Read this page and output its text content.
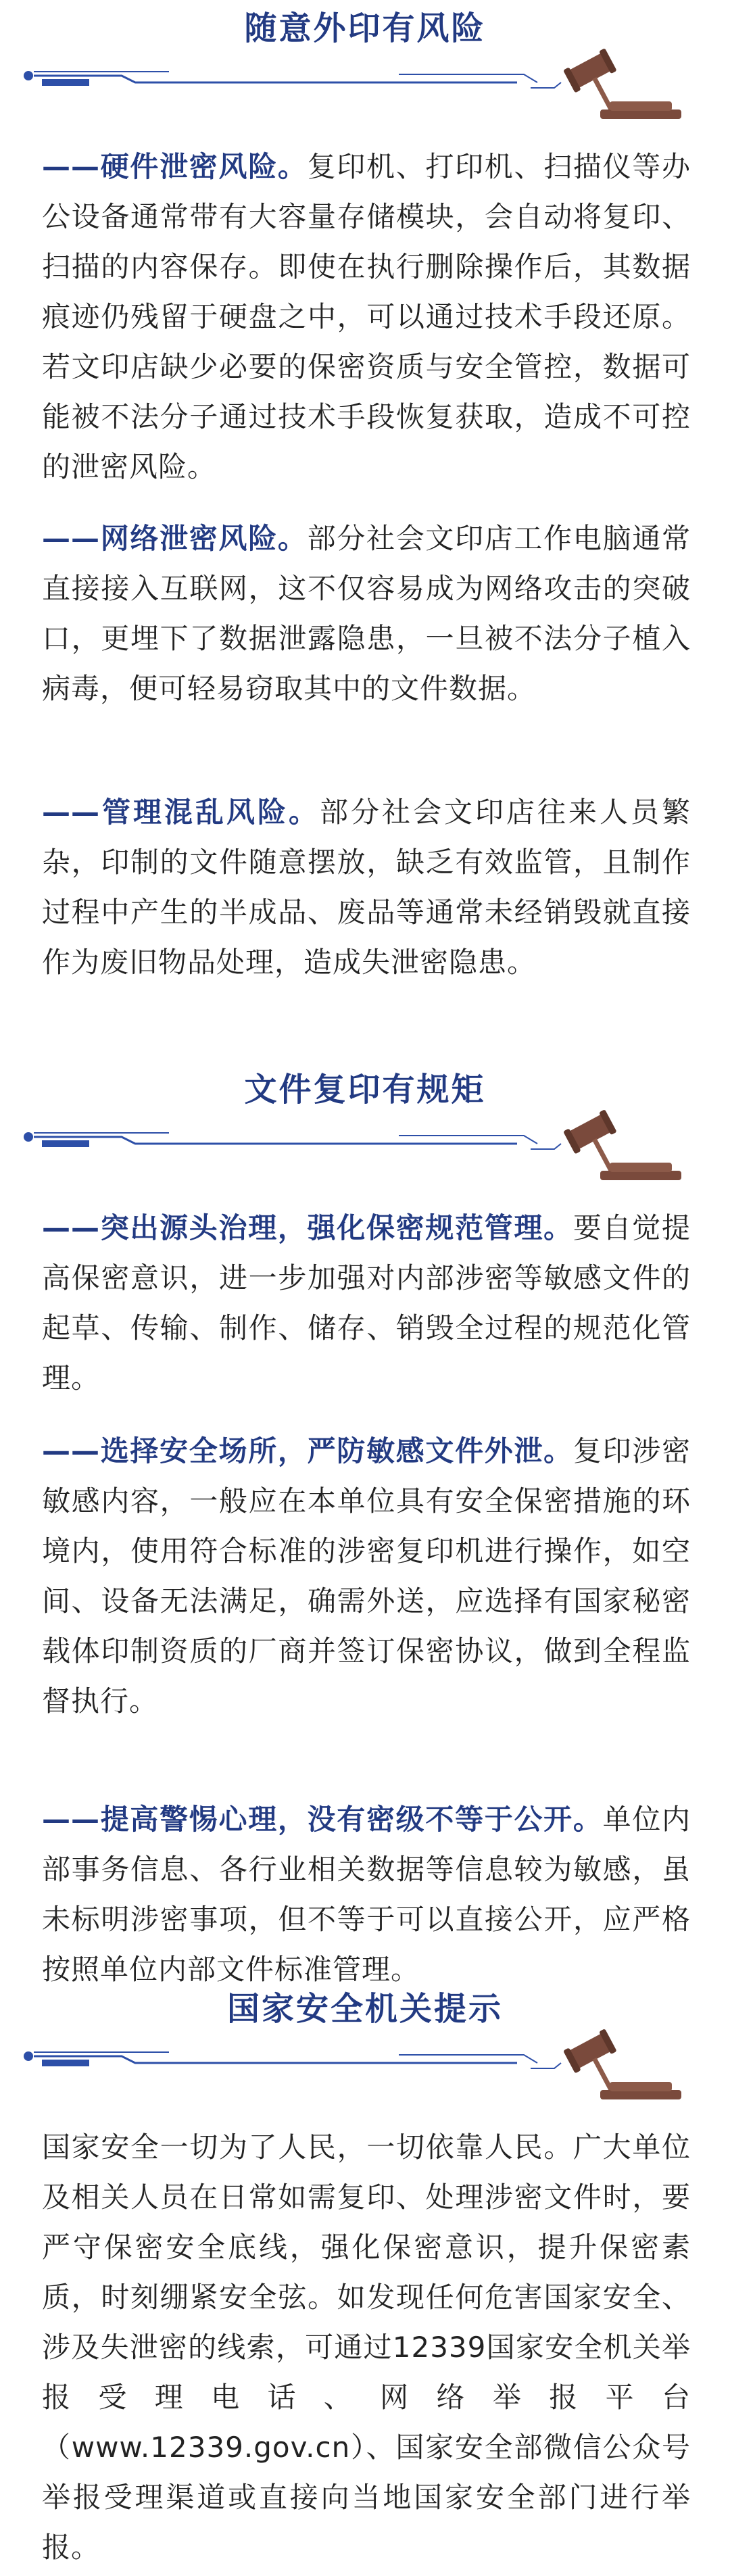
随意外印有风险

——硬件泄密风险。复印机、打印机、扫描仪等办公设备通常带有大容量存储模块，会自动将复印、扫描的内容保存。即使在执行删除操作后，其数据痕迹仍残留于硬盘之中，可以通过技术手段还原。若文印店缺少必要的保密资质与安全管控，数据可能被不法分子通过技术手段恢复获取，造成不可控的泄密风险。

——网络泄密风险。部分社会文印店工作电脑通常直接接入互联网，这不仅容易成为网络攻击的突破口，更埋下了数据泄露隐患，一旦被不法分子植入病毒，便可轻易窃取其中的文件数据。

——管理混乱风险。部分社会文印店往来人员繁杂，印制的文件随意摆放，缺乏有效监管，且制作过程中产生的半成品、废品等通常未经销毁就直接作为废旧物品处理，造成失泄密隐患。

文件复印有规矩

——突出源头治理，强化保密规范管理。要自觉提高保密意识，进一步加强对内部涉密等敏感文件的起草、传输、制作、储存、销毁全过程的规范化管理。

——选择安全场所，严防敏感文件外泄。复印涉密敏感内容，一般应在本单位具有安全保密措施的环境内，使用符合标准的涉密复印机进行操作，如空间、设备无法满足，确需外送，应选择有国家秘密载体印制资质的厂商并签订保密协议，做到全程监督执行。

——提高警惕心理，没有密级不等于公开。单位内部事务信息、各行业相关数据等信息较为敏感，虽未标明涉密事项，但不等于可以直接公开，应严格按照单位内部文件标准管理。

国家安全机关提示

国家安全一切为了人民，一切依靠人民。广大单位及相关人员在日常如需复印、处理涉密文件时，要严守保密安全底线，强化保密意识，提升保密素质，时刻绷紧安全弦。如发现任何危害国家安全、涉及失泄密的线索，可通过12339国家安全机关举报受理电话、网络举报平台（www.12339.gov.cn）、国家安全部微信公众号举报受理渠道或直接向当地国家安全部门进行举报。
